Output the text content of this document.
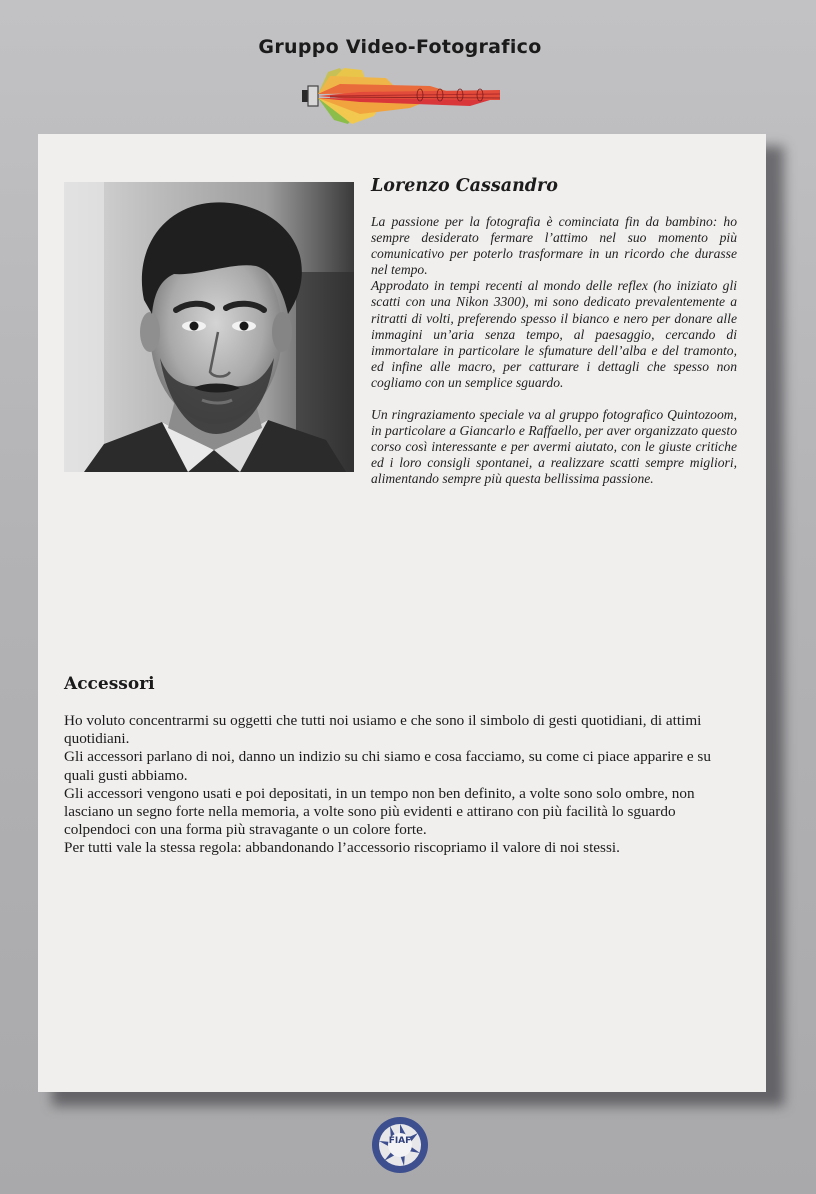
Gruppo Video-Fotografico
Lorenzo Cassandro

La passione per la fotografia è cominciata fin da bambino: ho sempre desiderato fermare l’attimo nel suo momento più comunicativo per poterlo trasformare in un ricordo che durasse nel tempo.

Approdato in tempi recenti al mondo delle reflex (ho iniziato gli scatti con una Nikon 3300), mi sono dedicato prevalentemente a ritratti di volti, preferendo spesso il bianco e nero per donare alle immagini un’aria senza tempo, al paesaggio, cercando di immortalare in particolare le sfumature dell’alba e del tramonto, ed infine alle macro, per catturare i dettagli che spesso non cogliamo con un semplice sguardo.

Un ringraziamento speciale va al gruppo fotografico Quintozoom, in particolare a Giancarlo e Raffaello, per aver organizzato questo corso così interessante e per avermi aiutato, con le giuste critiche ed i loro consigli spontanei, a realizzare scatti sempre migliori, alimentando sempre più questa bellissima passione.

Accessori

Ho voluto concentrarmi su oggetti che tutti noi usiamo e che sono il simbolo di gesti quotidiani, di attimi quotidiani.

Gli accessori parlano di noi, danno un indizio su chi siamo e cosa facciamo, su come ci piace apparire e su quali gusti abbiamo.

Gli accessori vengono usati e poi depositati, in un tempo non ben definito, a volte sono solo ombre, non lasciano un segno forte nella memoria, a volte sono più evidenti e attirano con più facilità lo sguardo colpendoci con una forma più stravagante o un colore forte.

Per tutti vale la stessa regola: abbandonando l’accessorio riscopriamo il valore di noi stessi.

FIAF
